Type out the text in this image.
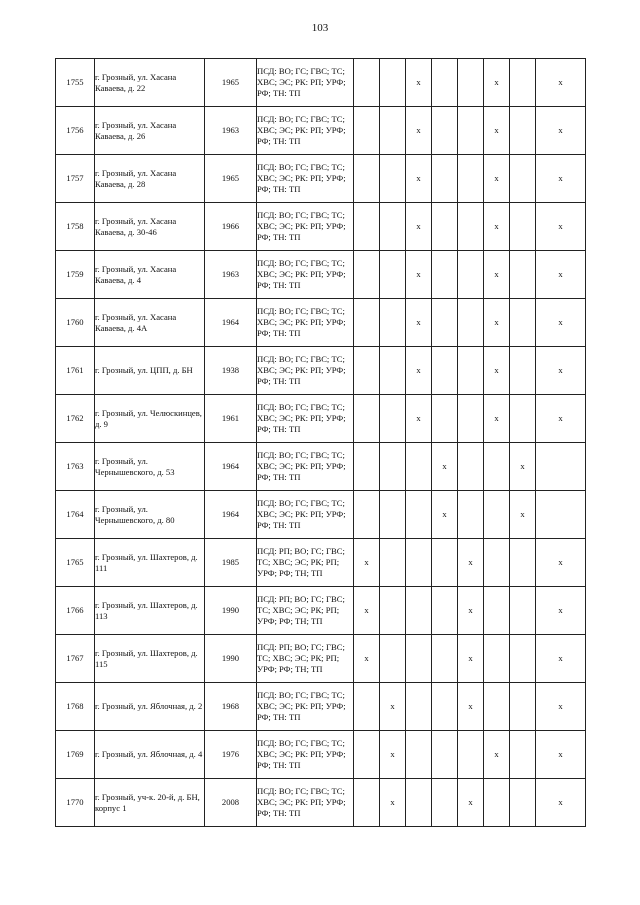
103
1755	г. Грозный, ул. Хасана Каваева, д. 22	1965	ПСД: ВО; ГС; ГВС; ТС; ХВС; ЭС; РК: РП; УРФ; РФ; ТН: ТП			х			х		х
1756	г. Грозный, ул. Хасана Каваева, д. 26	1963	ПСД: ВО; ГС; ГВС; ТС; ХВС; ЭС; РК: РП; УРФ; РФ; ТН: ТП			х			х		х
1757	г. Грозный, ул. Хасана Каваева, д. 28	1965	ПСД: ВО; ГС; ГВС; ТС; ХВС; ЭС; РК: РП; УРФ; РФ; ТН: ТП			х			х		х
1758	г. Грозный, ул. Хасана Каваева, д. 30-46	1966	ПСД: ВО; ГС; ГВС; ТС; ХВС; ЭС; РК: РП; УРФ; РФ; ТН: ТП			х			х		х
1759	г. Грозный, ул. Хасана Каваева, д. 4	1963	ПСД: ВО; ГС; ГВС; ТС; ХВС; ЭС; РК: РП; УРФ; РФ; ТН: ТП			х			х		х
1760	г. Грозный, ул. Хасана Каваева, д. 4А	1964	ПСД: ВО; ГС; ГВС; ТС; ХВС; ЭС; РК: РП; УРФ; РФ; ТН: ТП			х			х		х
1761	г. Грозный, ул. ЦПП, д. БН	1938	ПСД: ВО; ГС; ГВС; ТС; ХВС; ЭС; РК: РП; УРФ; РФ; ТН: ТП			х			х		х
1762	г. Грозный, ул. Челюскинцев, д. 9	1961	ПСД: ВО; ГС; ГВС; ТС; ХВС; ЭС; РК: РП; УРФ; РФ; ТН: ТП			х			х		х
1763	г. Грозный, ул. Чернышевского, д. 53	1964	ПСД: ВО; ГС; ГВС; ТС; ХВС; ЭС; РК: РП; УРФ; РФ; ТН: ТП				х			х	
1764	г. Грозный, ул. Чернышевского, д. 80	1964	ПСД: ВО; ГС; ГВС; ТС; ХВС; ЭС; РК: РП; УРФ; РФ; ТН: ТП				х			х	
1765	г. Грозный, ул. Шахтеров, д. 111	1985	ПСД: РП; ВО; ГС; ГВС; ТС; ХВС; ЭС; РК; РП; УРФ; РФ; ТН; ТП	х				х			х
1766	г. Грозный, ул. Шахтеров, д. 113	1990	ПСД: РП; ВО; ГС; ГВС; ТС; ХВС; ЭС; РК; РП; УРФ; РФ; ТН; ТП	х				х			х
1767	г. Грозный, ул. Шахтеров, д. 115	1990	ПСД: РП; ВО; ГС; ГВС; ТС; ХВС; ЭС; РК; РП; УРФ; РФ; ТН; ТП	х				х			х
1768	г. Грозный, ул. Яблочная, д. 2	1968	ПСД: ВО; ГС; ГВС; ТС; ХВС; ЭС; РК: РП; УРФ; РФ; ТН: ТП		х			х			х
1769	г. Грозный, ул. Яблочная, д. 4	1976	ПСД: ВО; ГС; ГВС; ТС; ХВС; ЭС; РК: РП; УРФ; РФ; ТН: ТП		х				х		х
1770	г. Грозный, уч-к. 20-й, д. БН, корпус 1	2008	ПСД: ВО; ГС; ГВС; ТС; ХВС; ЭС; РК: РП; УРФ; РФ; ТН: ТП		х			х			х
